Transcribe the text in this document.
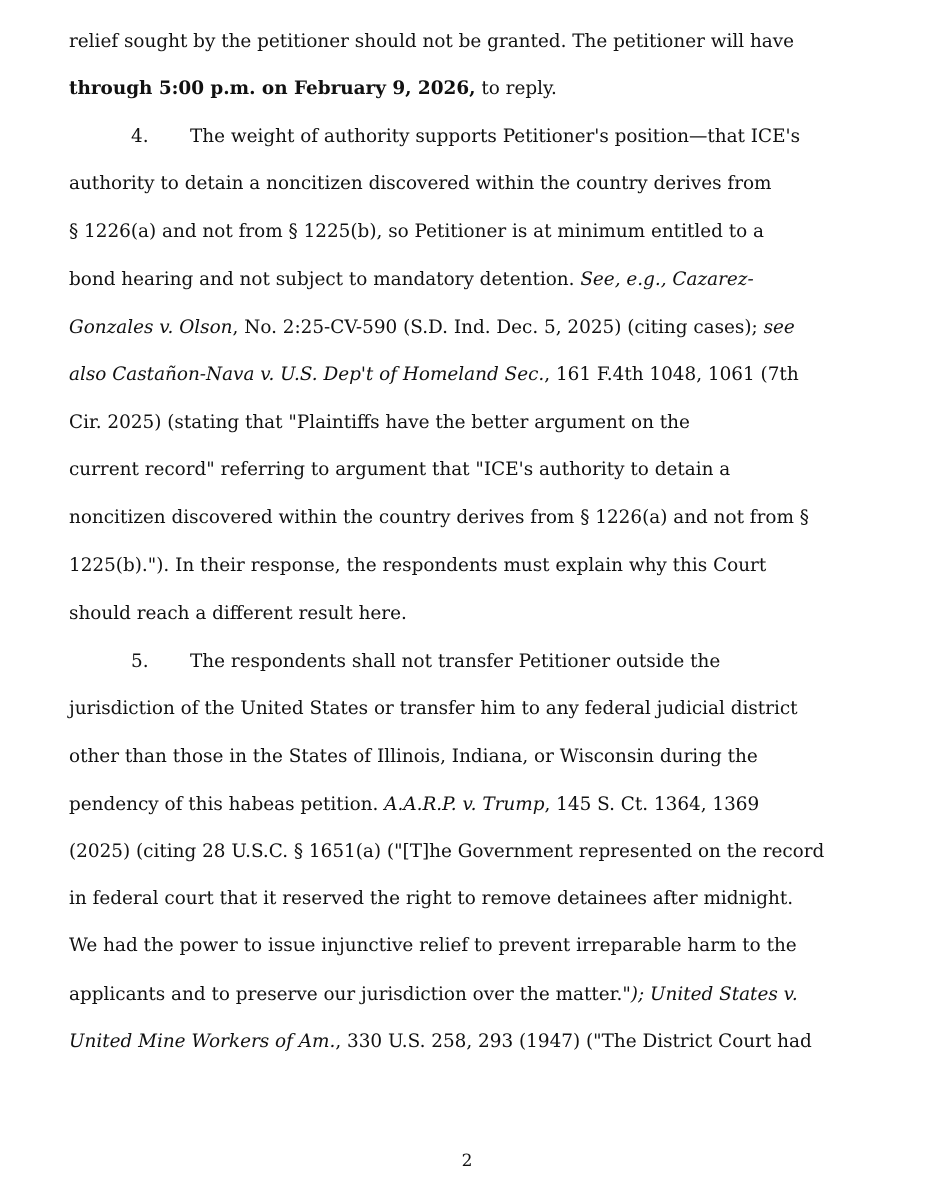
relief sought by the petitioner should not be granted. The petitioner will have
through 5:00 p.m. on February 9, 2026, to reply.
4. The weight of authority supports Petitioner's position—that ICE's
authority to detain a noncitizen discovered within the country derives from
§ 1226(a) and not from § 1225(b), so Petitioner is at minimum entitled to a
bond hearing and not subject to mandatory detention. See, e.g., Cazarez-
Gonzales v. Olson, No. 2:25-CV-590 (S.D. Ind. Dec. 5, 2025) (citing cases); see
also Castañon-Nava v. U.S. Dep't of Homeland Sec., 161 F.4th 1048, 1061 (7th
Cir. 2025) (stating that "Plaintiffs have the better argument on the
current record" referring to argument that "ICE's authority to detain a
noncitizen discovered within the country derives from § 1226(a) and not from §
1225(b)."). In their response, the respondents must explain why this Court
should reach a different result here.
5. The respondents shall not transfer Petitioner outside the
jurisdiction of the United States or transfer him to any federal judicial district
other than those in the States of Illinois, Indiana, or Wisconsin during the
pendency of this habeas petition. A.A.R.P. v. Trump, 145 S. Ct. 1364, 1369
(2025) (citing 28 U.S.C. § 1651(a) ("[T]he Government represented on the record
in federal court that it reserved the right to remove detainees after midnight.
We had the power to issue injunctive relief to prevent irreparable harm to the
applicants and to preserve our jurisdiction over the matter."); United States v.
United Mine Workers of Am., 330 U.S. 258, 293 (1947) ("The District Court had
2
